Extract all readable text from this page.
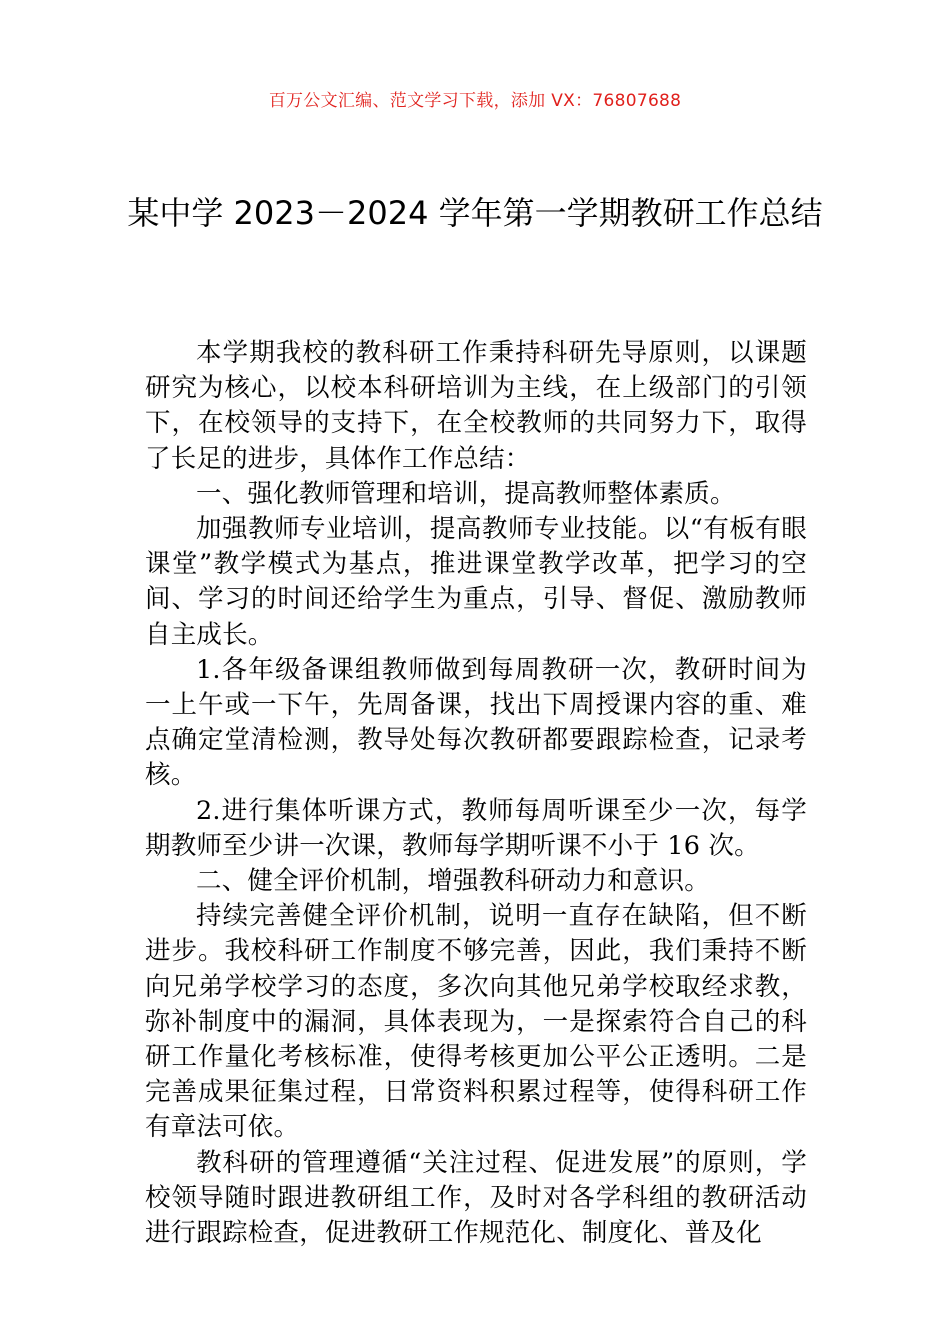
百万公文汇编、范文学习下载，添加 VX：76807688
某中学 2023－2024 学年第一学期教研工作总结

本学期我校的教科研工作秉持科研先导原则，以课题研究为核心，以校本科研培训为主线，在上级部门的引领下，在校领导的支持下，在全校教师的共同努力下，取得了长足的进步，具体作工作总结：

一、强化教师管理和培训，提高教师整体素质。

加强教师专业培训，提高教师专业技能。以“有板有眼课堂”教学模式为基点，推进课堂教学改革，把学习的空间、学习的时间还给学生为重点，引导、督促、激励教师自主成长。

1.各年级备课组教师做到每周教研一次，教研时间为一上午或一下午，先周备课，找出下周授课内容的重、难点确定堂清检测，教导处每次教研都要跟踪检查，记录考核。

2.进行集体听课方式，教师每周听课至少一次，每学期教师至少讲一次课，教师每学期听课不小于 16 次。

二、健全评价机制，增强教科研动力和意识。

持续完善健全评价机制，说明一直存在缺陷，但不断进步。我校科研工作制度不够完善，因此，我们秉持不断向兄弟学校学习的态度，多次向其他兄弟学校取经求教，弥补制度中的漏洞，具体表现为，一是探索符合自己的科研工作量化考核标准，使得考核更加公平公正透明。二是完善成果征集过程，日常资料积累过程等，使得科研工作有章法可依。

教科研的管理遵循“关注过程、促进发展”的原则，学校领导随时跟进教研组工作，及时对各学科组的教研活动进行跟踪检查，促进教研工作规范化、制度化、普及化
